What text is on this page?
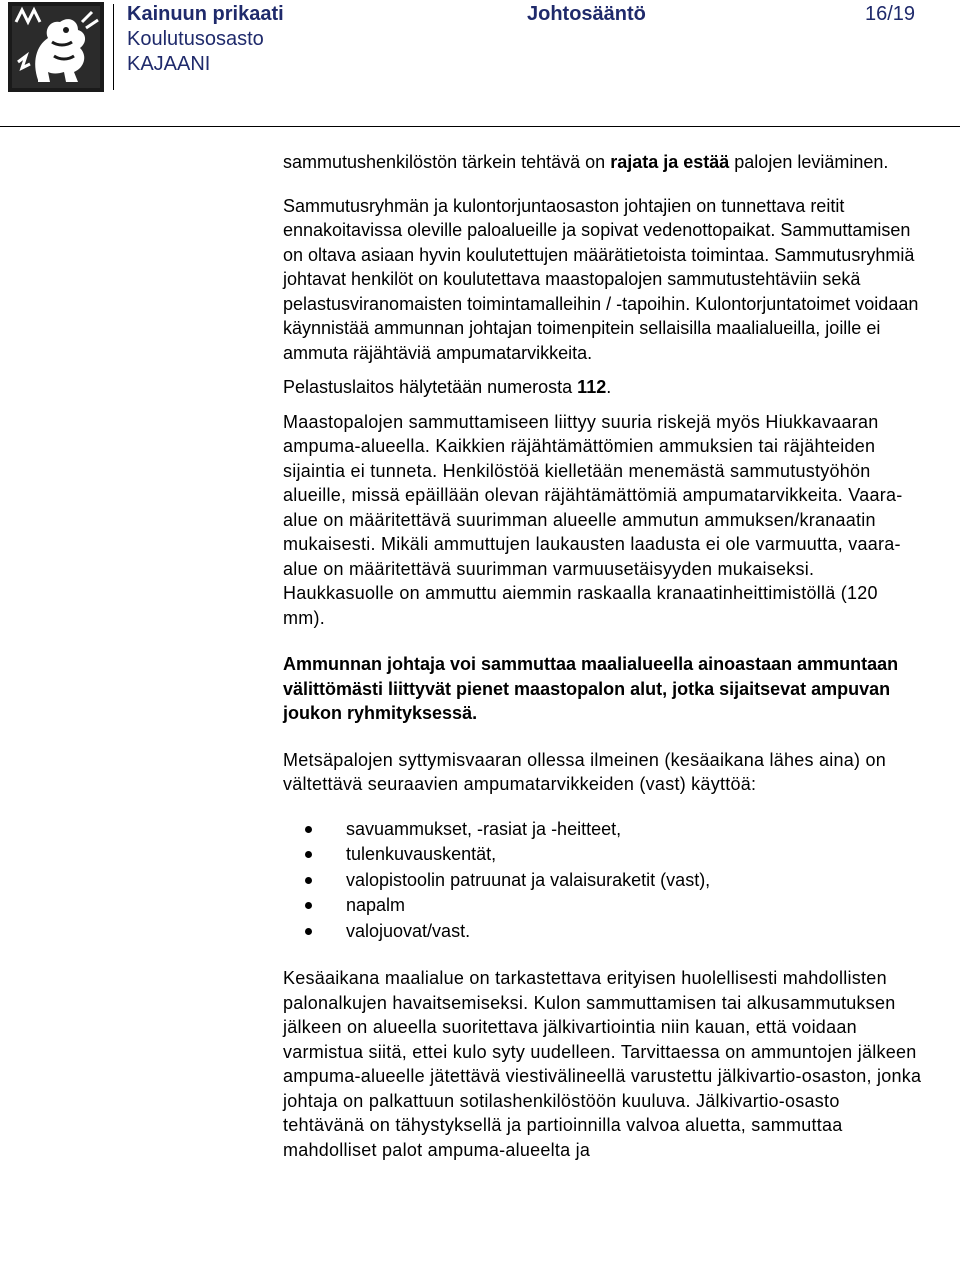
Kainuun prikaati
Koulutusosasto
KAJAANI
Johtosääntö	16/19

sammutushenkilöstön tärkein tehtävä on rajata ja estää palojen leviäminen.

Sammutusryhmän ja kulontorjuntaosaston johtajien on tunnettava reitit ennakoitavissa oleville paloalueille ja sopivat vedenottopaikat. Sammuttamisen on oltava asiaan hyvin koulutettujen määrätietoista toimintaa. Sammutusryhmiä johtavat henkilöt on koulutettava maastopalojen sammutustehtäviin sekä pelastusviranomaisten toimintamalleihin / -tapoihin. Kulontorjuntatoimet voidaan käynnistää ammunnan johtajan toimenpitein sellaisilla maalialueilla, joille ei ammuta räjähtäviä ampumatarvikkeita.

Pelastuslaitos hälytetään numerosta 112.

Maastopalojen sammuttamiseen liittyy suuria riskejä myös Hiukkavaaran ampuma-alueella. Kaikkien räjähtämättömien ammuksien tai räjähteiden sijaintia ei tunneta. Henkilöstöä kielletään menemästä sammutustyöhön alueille, missä epäillään olevan räjähtämättömiä ampumatarvikkeita. Vaara-alue on määritettävä suurimman alueelle ammutun ammuksen/kranaatin mukaisesti. Mikäli ammuttujen laukausten laadusta ei ole varmuutta, vaara-alue on määritettävä suurimman varmuusetäisyyden mukaiseksi. Haukkasuolle on ammuttu aiemmin raskaalla kranaatinheittimistöllä (120 mm).

Ammunnan johtaja voi sammuttaa maalialueella ainoastaan ammuntaan välittömästi liittyvät pienet maastopalon alut, jotka sijaitsevat ampuvan joukon ryhmityksessä.

Metsäpalojen syttymisvaaran ollessa ilmeinen (kesäaikana lähes aina) on vältettävä seuraavien ampumatarvikkeiden (vast) käyttöä:

savuammukset, -rasiat ja -heitteet,
tulenkuvauskentät,
valopistoolin patruunat ja valaisuraketit (vast),
napalm
valojuovat/vast.

Kesäaikana maalialue on tarkastettava erityisen huolellisesti mahdollisten palonalkujen havaitsemiseksi. Kulon sammuttamisen tai alkusammutuksen jälkeen on alueella suoritettava jälkivartiointia niin kauan, että voidaan varmistua siitä, ettei kulo syty uudelleen. Tarvittaessa on ammuntojen jälkeen ampuma-alueelle jätettävä viestivälineellä varustettu jälkivartio-osaston, jonka johtaja on palkattuun sotilashenkilöstöön kuuluva. Jälkivartio-osasto tehtävänä on tähystyksellä ja partioinnilla valvoa aluetta, sammuttaa mahdolliset palot ampuma-alueelta ja
